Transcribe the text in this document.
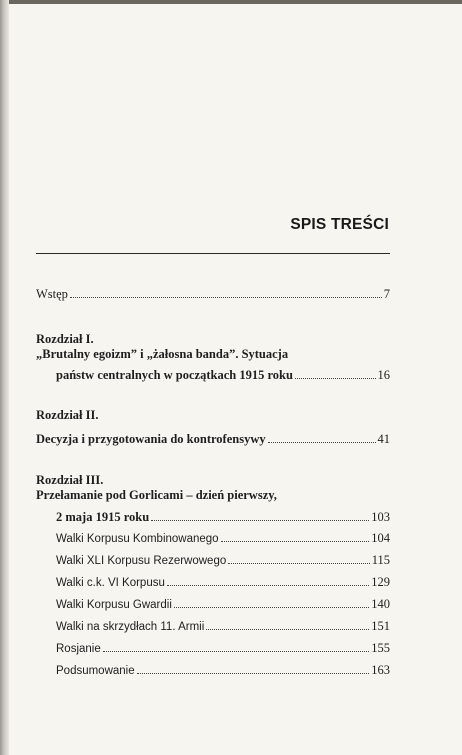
SPIS TREŚCI
Wstęp	7
Rozdział I.
„Brutalny egoizm” i „żałosna banda”. Sytuacja
państw centralnych w początkach 1915 roku	16
Rozdział II.
Decyzja i przygotowania do kontrofensywy	41
Rozdział III.
Przełamanie pod Gorlicami – dzień pierwszy,
2 maja 1915 roku	103
Walki Korpusu Kombinowanego	104
Walki XLI Korpusu Rezerwowego	115
Walki c.k. VI Korpusu	129
Walki Korpusu Gwardii	140
Walki na skrzydłach 11. Armii	151
Rosjanie	155
Podsumowanie	163
